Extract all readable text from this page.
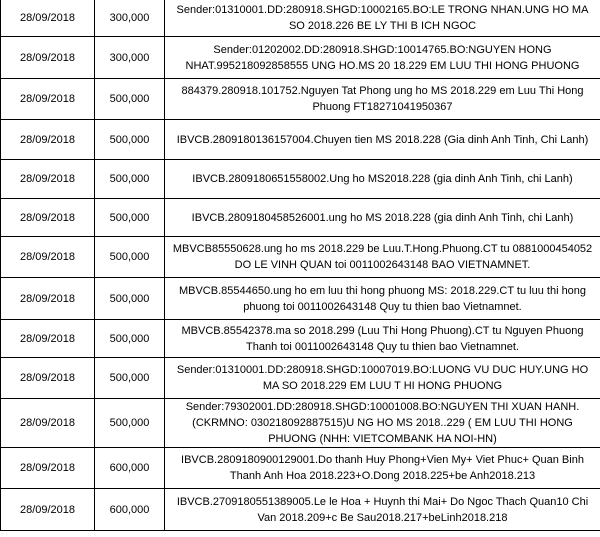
28/09/2018	300,000	Sender:01310001.DD:280918.SHGD:10002165.BO:LE TRONG NHAN.UNG HO MA SO 2018.226 BE LY THI B ICH NGOC
28/09/2018	300,000	Sender:01202002.DD:280918.SHGD:10014765.BO:NGUYEN HONG NHAT.995218092858555 UNG HO.MS 20 18.229 EM LUU THI HONG PHUONG
28/09/2018	500,000	884379.280918.101752.Nguyen Tat Phong ung ho MS 2018.229 em Luu Thi Hong Phuong FT18271041950367
28/09/2018	500,000	IBVCB.2809180136157004.Chuyen tien MS 2018.228 (Gia dinh Anh Tinh, Chi Lanh)
28/09/2018	500,000	IBVCB.2809180651558002.Ung ho MS2018.228 (gia dinh Anh Tinh, chi Lanh)
28/09/2018	500,000	IBVCB.2809180458526001.ung ho MS 2018.228 (gia dinh Anh Tinh, chi Lanh)
28/09/2018	500,000	MBVCB85550628.ung ho ms 2018.229 be Luu.T.Hong.Phuong.CT tu 0881000454052 DO LE VINH QUAN toi 0011002643148 BAO VIETNAMNET.
28/09/2018	500,000	MBVCB.85544650.ung ho em luu thi hong phuong MS: 2018.229.CT tu luu thi hong phuong toi 0011002643148 Quy tu thien bao Vietnamnet.
28/09/2018	500,000	MBVCB.85542378.ma so 2018.299 (Luu Thi Hong Phuong).CT tu Nguyen Phuong Thanh toi 0011002643148 Quy tu thien bao Vietnamnet.
28/09/2018	500,000	Sender:01310001.DD:280918.SHGD:10007019.BO:LUONG VU DUC HUY.UNG HO MA SO 2018.229 EM LUU T HI HONG PHUONG
28/09/2018	500,000	Sender:79302001.DD:280918.SHGD:10001008.BO:NGUYEN THI XUAN HANH.(CKRMNO: 030218092887515)U NG HO MS 2018..229 ( EM LUU THI HONG PHUONG (NHH: VIETCOMBANK HA NOI-HN)
28/09/2018	600,000	IBVCB.2809180900129001.Do thanh Huy Phong+Vien My+ Viet Phuc+ Quan Binh Thanh Anh Hoa 2018.223+O.Dong 2018.225+be Anh2018.213
28/09/2018	600,000	IBVCB.2709180551389005.Le le Hoa + Huynh thi Mai+ Do Ngoc Thach Quan10 Chi Van 2018.209+c Be Sau2018.217+beLinh2018.218
